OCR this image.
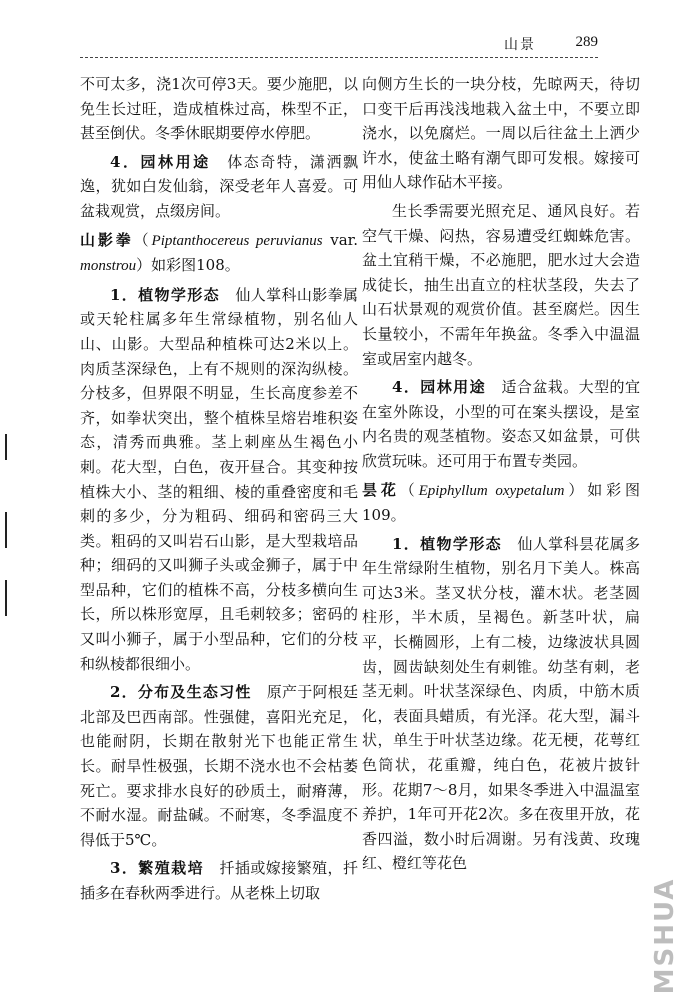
山景	289

不可太多，浇1次可停3天。要少施肥，以免生长过旺，造成植株过高，株型不正，甚至倒伏。冬季休眠期要停水停肥。

4．园林用途  体态奇特，潇洒飘逸，犹如白发仙翁，深受老年人喜爱。可盆栽观赏，点缀房间。

山影拳（Piptanthocereus peruvianus var. monstrou）如彩图108。

1．植物学形态  仙人掌科山影拳属或天轮柱属多年生常绿植物，别名仙人山、山影。大型品种植株可达2米以上。肉质茎深绿色，上有不规则的深沟纵棱。分枝多，但界限不明显，生长高度参差不齐，如拳状突出，整个植株呈熔岩堆积姿态，清秀而典雅。茎上刺座丛生褐色小刺。花大型，白色，夜开昼合。其变种按植株大小、茎的粗细、棱的重叠密度和毛刺的多少，分为粗码、细码和密码三大类。粗码的又叫岩石山影，是大型栽培品种；细码的又叫狮子头或金狮子，属于中型品种，它们的植株不高，分枝多横向生长，所以株形宽厚，且毛刺较多；密码的又叫小狮子，属于小型品种，它们的分枝和纵棱都很细小。

2．分布及生态习性  原产于阿根廷北部及巴西南部。性强健，喜阳光充足，也能耐阴，长期在散射光下也能正常生长。耐旱性极强，长期不浇水也不会枯萎死亡。要求排水良好的砂质土，耐瘠薄，不耐水湿。耐盐碱。不耐寒，冬季温度不得低于5℃。

3．繁殖栽培  扦插或嫁接繁殖，扦插多在春秋两季进行。从老株上切取

向侧方生长的一块分枝，先晾两天，待切口变干后再浅浅地栽入盆土中，不要立即浇水，以免腐烂。一周以后往盆土上洒少许水，使盆土略有潮气即可发根。嫁接可用仙人球作砧木平接。

生长季需要光照充足、通风良好。若空气干燥、闷热，容易遭受红蜘蛛危害。盆土宜稍干燥，不必施肥，肥水过大会造成徒长，抽生出直立的柱状茎段，失去了山石状景观的观赏价值。甚至腐烂。因生长量较小，不需年年换盆。冬季入中温温室或居室内越冬。

4．园林用途  适合盆栽。大型的宜在室外陈设，小型的可在案头摆设，是室内名贵的观茎植物。姿态又如盆景，可供欣赏玩味。还可用于布置专类园。

昙花（Epiphyllum oxypetalum）如彩图109。

1．植物学形态  仙人掌科昙花属多年生常绿附生植物，别名月下美人。株高可达3米。茎叉状分枝，灌木状。老茎圆柱形，半木质，呈褐色。新茎叶状，扁平，长椭圆形，上有二棱，边缘波状具圆齿，圆齿缺刻处生有刺锥。幼茎有刺，老茎无刺。叶状茎深绿色、肉质，中筋木质化，表面具蜡质，有光泽。花大型，漏斗状，单生于叶状茎边缘。花无梗，花萼红色筒状，花重瓣，纯白色，花被片披针形。花期7～8月，如果冬季进入中温温室养护，1年可开花2次。多在夜里开放，花香四溢，数小时后凋谢。另有浅黄、玫瑰红、橙红等花色

MSHUA
